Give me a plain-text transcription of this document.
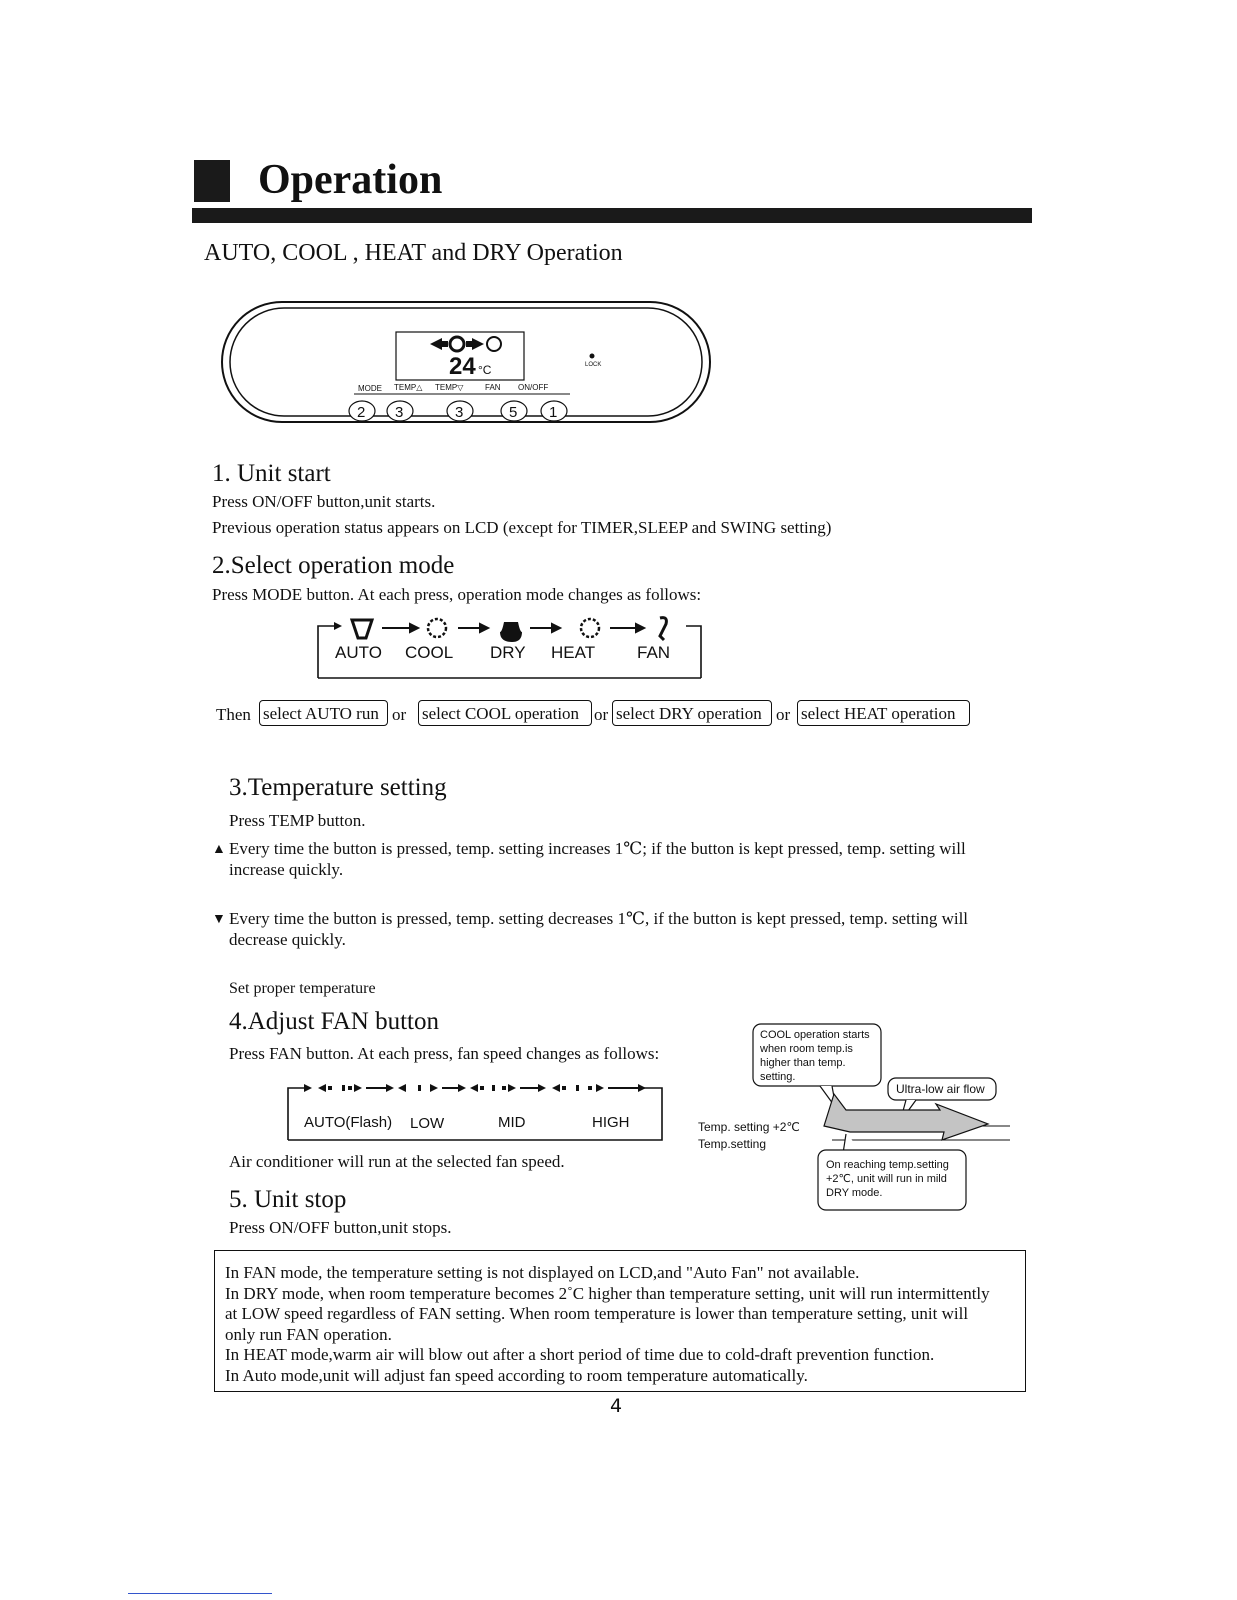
Operation
AUTO, COOL , HEAT and DRY Operation
24 °C	LOCK
MODE TEMP△ TEMP▽	FAN ON/OFF
2 3	3	5 1
1. Unit start
Press ON/OFF button,unit starts.
Previous operation status appears on LCD (except for TIMER,SLEEP and SWING setting)
2.Select operation mode
Press MODE button. At each press, operation mode changes as follows:
AUTO COOL DRY HEAT FAN
Then select AUTO run or select COOL operation or select DRY operation or select HEAT operation
3.Temperature setting
Press TEMP button.
▲ Every time the button is pressed, temp. setting increases 1℃; if the button is kept pressed, temp. setting will
increase quickly.
▼ Every time the button is pressed, temp. setting decreases 1℃, if the button is kept pressed, temp. setting will
decrease quickly.
Set proper temperature
4.Adjust FAN button
Press FAN button. At each press, fan speed changes as follows:
AUTO(Flash) LOW	MID	HIGH
Air conditioner will run at the selected fan speed.
5. Unit stop
Press ON/OFF button,unit stops.
COOL operation starts
when room temp.is
higher than temp.
setting.
Ultra-low air flow
Temp. setting +2℃
Temp.setting
On reaching temp.setting
+2℃, unit will run in mild
DRY mode.
In FAN mode, the temperature setting is not displayed on LCD,and "Auto Fan" not available.
In DRY mode, when room temperature becomes 2˚C higher than temperature setting, unit will run intermittently
at LOW speed regardless of FAN setting. When room temperature is lower than temperature setting, unit will
only run FAN operation.
In HEAT mode,warm air will blow out after a short period of time due to cold-draft prevention function.
In Auto mode,unit will adjust fan speed according to room temperature automatically.
4
